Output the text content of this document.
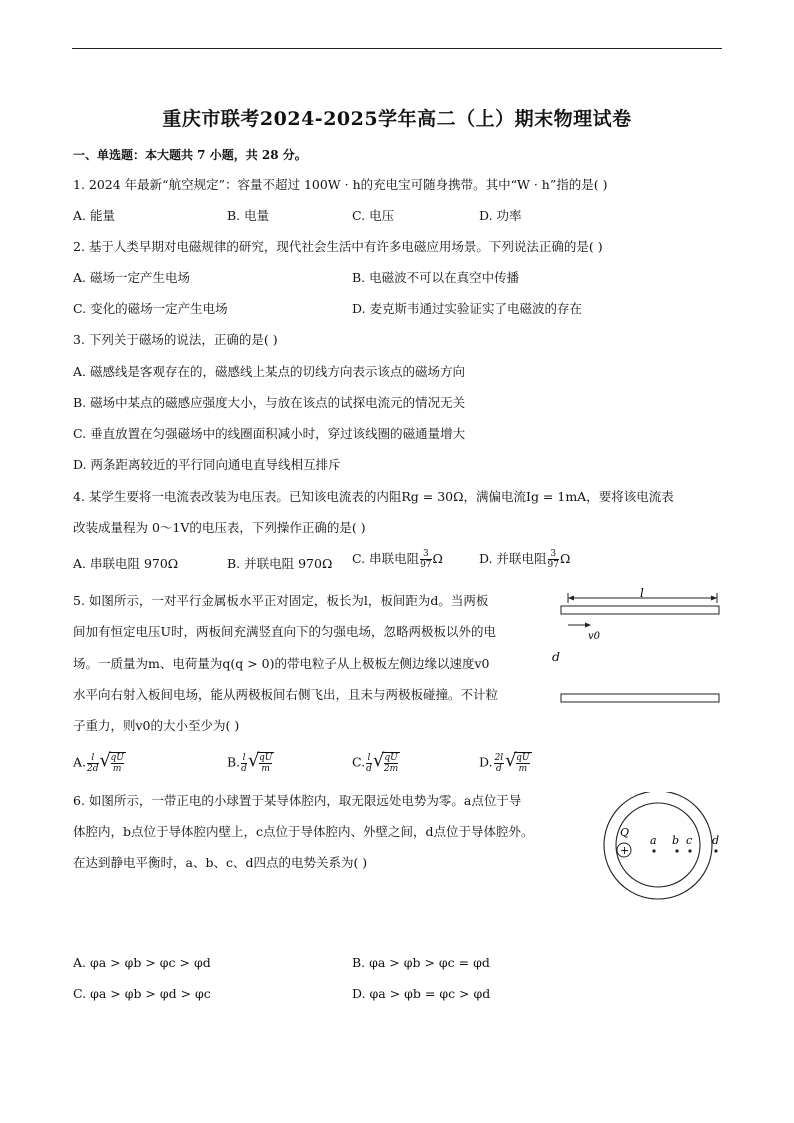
重庆市联考2024-2025学年高二（上）期末物理试卷
一、单选题：本大题共 7 小题，共 28 分。
1. 2024 年最新“航空规定”：容量不超过 100W · h的充电宝可随身携带。其中“W · h”指的是( )
A. 能量	B. 电量	C. 电压	D. 功率
2. 基于人类早期对电磁规律的研究，现代社会生活中有许多电磁应用场景。下列说法正确的是( )
A. 磁场一定产生电场	B. 电磁波不可以在真空中传播
C. 变化的磁场一定产生电场	D. 麦克斯韦通过实验证实了电磁波的存在
3. 下列关于磁场的说法，正确的是( )
A. 磁感线是客观存在的，磁感线上某点的切线方向表示该点的磁场方向
B. 磁场中某点的磁感应强度大小，与放在该点的试探电流元的情况无关
C. 垂直放置在匀强磁场中的线圈面积减小时，穿过该线圈的磁通量增大
D. 两条距离较近的平行同向通电直导线相互排斥
4. 某学生要将一电流表改装为电压表。已知该电流表的内阻Rg = 30Ω，满偏电流Ig = 1mA，要将该电流表
改装成量程为 0～1V的电压表，下列操作正确的是( )
A. 串联电阻 970Ω	B. 并联电阻 970Ω C. 串联电阻 $\frac{3}{97}$ Ω	D. 并联电阻 $\frac{3}{97}$ Ω
5. 如图所示，一对平行金属板水平正对固定，板长为l，板间距为d。当两板
间加有恒定电压U时，两板间充满竖直向下的匀强电场，忽略两极板以外的电
场。一质量为m、电荷量为q(q > 0)的带电粒子从上极板左侧边缘以速度v0
水平向右射入板间电场，能从两极板间右侧飞出，且未与两极板碰撞。不计粒
子重力，则v0的大小至少为( )
A. $\frac{l}{2d}$ √
$\frac{qU}{m}$	B. $\frac{l}{d}$ √
$\frac{qU}{m}$	C. $\frac{l}{d}$ √
$\frac{qU}{2m}$	D. $\frac{2l}{d}$ √
$\frac{qU}{m}$
l
v0
d
6. 如图所示，一带正电的小球置于某导体腔内，取无限远处电势为零。a点位于导
体腔内，b点位于导体腔内壁上，c点位于导体腔内、外壁之间，d点位于导体腔外。
在达到静电平衡时，a、b、c、d四点的电势关系为( )
+
Q
a b c d
A. φa > φb > φc > φd	B. φa > φb > φc = φd
C. φa > φb > φd > φc	D. φa > φb = φc > φd
